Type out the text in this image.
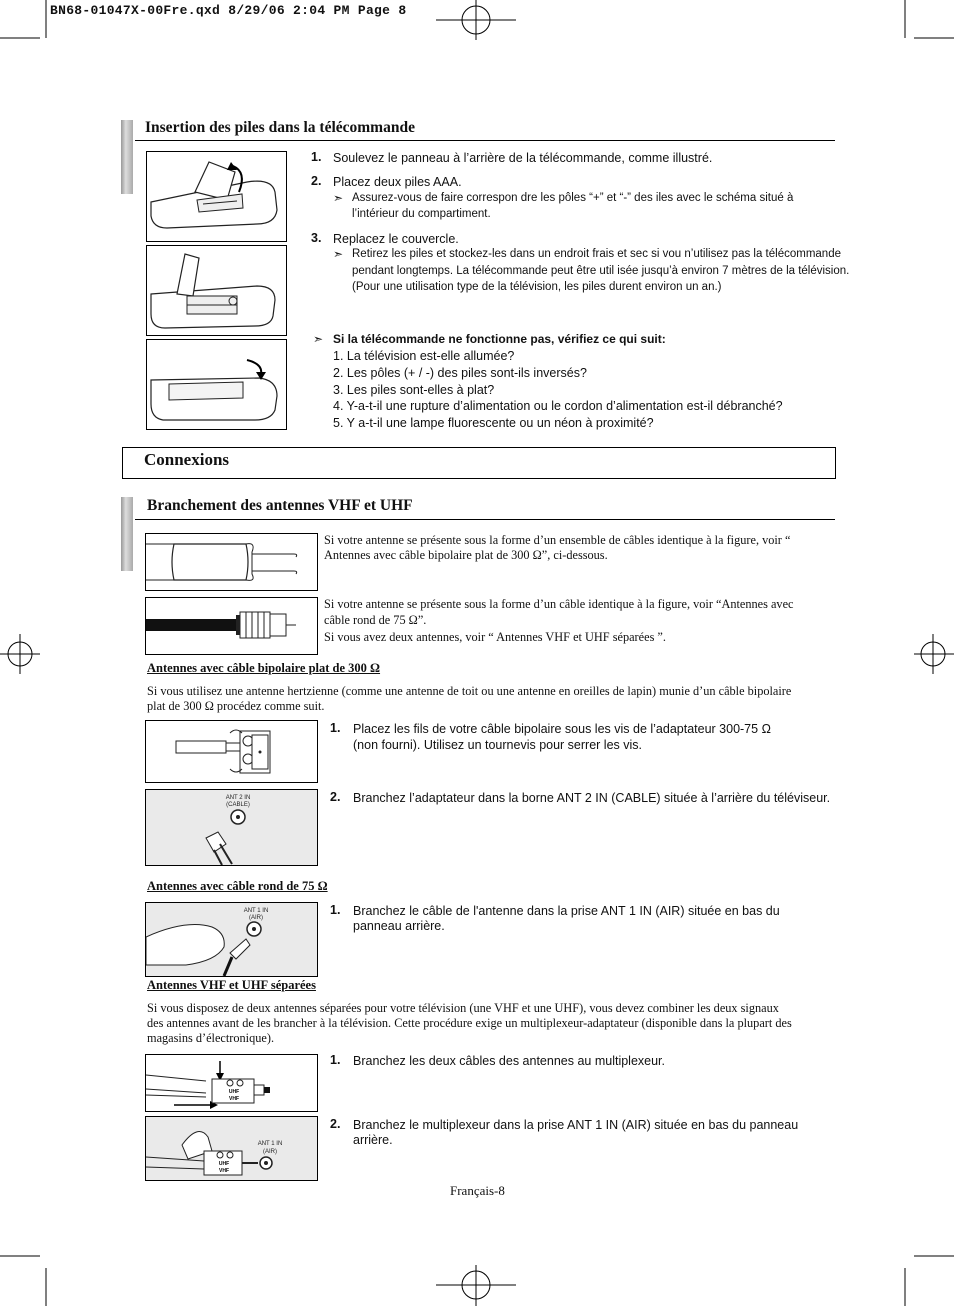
BN68-01047X-00Fre.qxd 8/29/06 2:04 PM Page 8
Insertion des piles dans la télécommande
1. Soulevez le panneau à l’arrière de la télécommande, comme illustré.
2. Placez deux piles AAA.
➣ Assurez-vous de faire correspon dre les pôles “+” et “-” des iles avec le schéma situé à
l’intérieur du compartiment.
3. Replacez le couvercle.
➣ Retirez les piles et stockez-les dans un endroit frais et sec si vou n’utilisez pas la télécommande
pendant longtemps. La télécommande peut être util isée jusqu’à environ 7 mètres de la télévision.
(Pour une utilisation type de la télévision, les piles durent environ un an.)
➣ Si la télécommande ne fonctionne pas, vérifiez ce qui suit:
1. La télévision est-elle allumée?
2. Les pôles (+ / -) des piles sont-ils inversés?
3. Les piles sont-elles à plat?
4. Y-a-t-il une rupture d’alimentation ou le cordon d’alimentation est-il débranché?
5. Y a-t-il une lampe fluorescente ou un néon à proximité?
Connexions
Branchement des antennes VHF et UHF
Si votre antenne se présente sous la forme d’un ensemble de câbles identique à la figure, voir “
Antennes avec câble bipolaire plat de 300 Ω”, ci-dessous.
Si votre antenne se présente sous la forme d’un câble identique à la figure, voir “Antennes avec
câble rond de 75 Ω”.
Si vous avez deux antennes, voir “ Antennes VHF et UHF séparées ”.
Antennes avec câble bipolaire plat de 300 Ω
Si vous utilisez une antenne hertzienne (comme une antenne de toit ou une antenne en oreilles de lapin) munie d’un câble bipolaire
plat de 300 Ω procédez comme suit.
1. Placez les fils de votre câble bipolaire sous les vis de l’adaptateur 300-75 Ω
(non fourni). Utilisez un tournevis pour serrer les vis.
ANT 2 IN
(CABLE)
2. Branchez l’adaptateur dans la borne ANT 2 IN (CABLE) située à l’arrière du téléviseur.
Antennes avec câble rond de 75 Ω
ANT 1 IN
(AIR)
1. Branchez le câble de l'antenne dans la prise ANT 1 IN (AIR) située en bas du
panneau arrière.
Antennes VHF et UHF séparées
Si vous disposez de deux antennes séparées pour votre télévision (une VHF et une UHF), vous devez combiner les deux signaux
des antennes avant de les brancher à la télévision. Cette procédure exige un multiplexeur-adaptateur (disponible dans la plupart des
magasins d’électronique).
UHF
VHF
1. Branchez les deux câbles des antennes au multiplexeur.
ANT 1 IN
(AIR)
UHF
VHF
2. Branchez le multiplexeur dans la prise ANT 1 IN (AIR) située en bas du panneau
arrière.
Français-8
